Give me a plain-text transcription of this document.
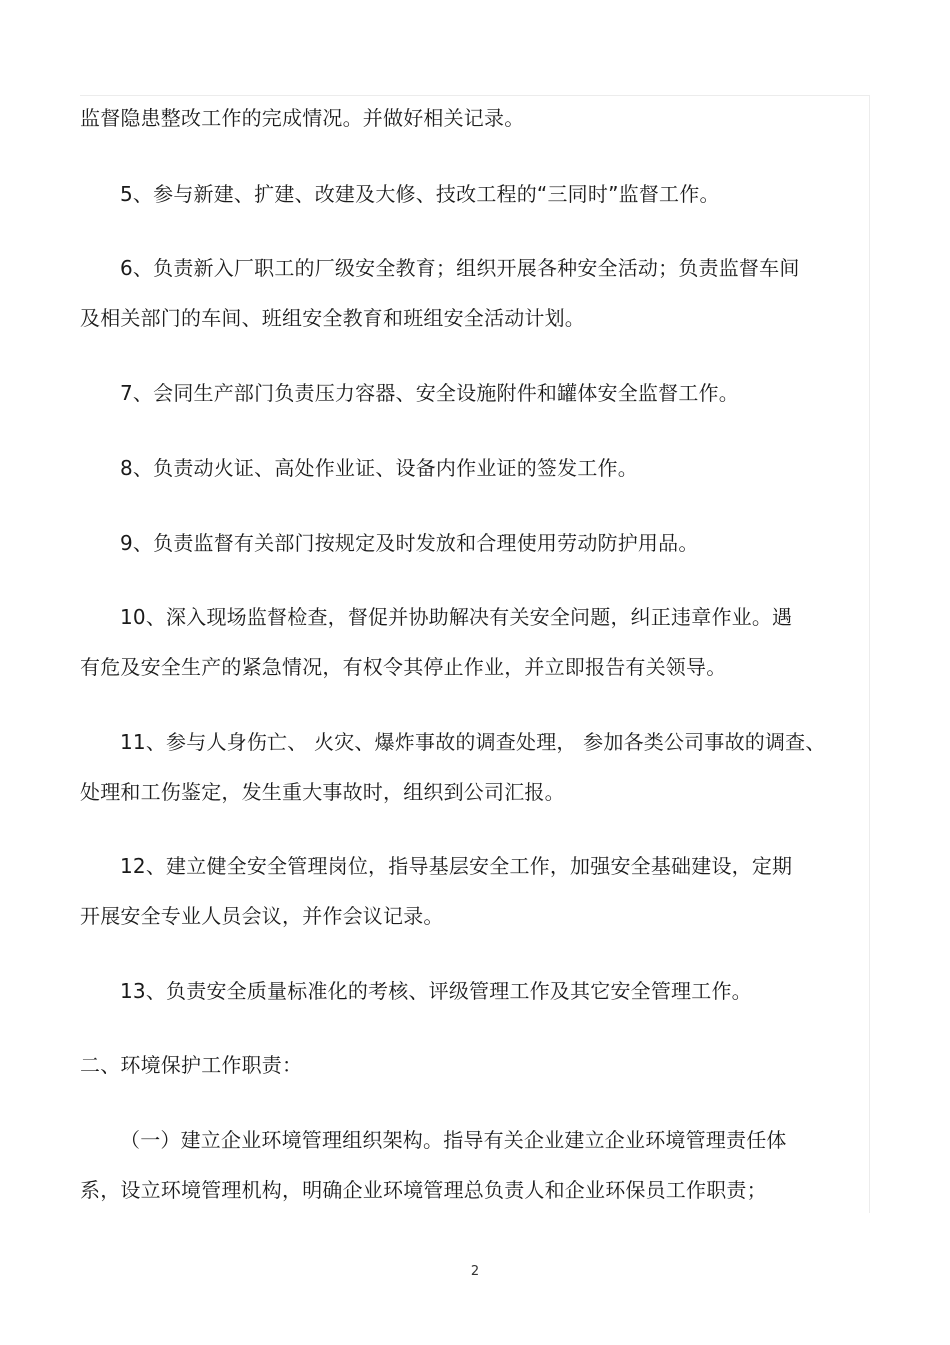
监督隐患整改工作的完成情况。并做好相关记录。
5、参与新建、扩建、改建及大修、技改工程的“三同时”监督工作。
6、负责新入厂职工的厂级安全教育；组织开展各种安全活动；负责监督车间
及相关部门的车间、班组安全教育和班组安全活动计划。
7、会同生产部门负责压力容器、安全设施附件和罐体安全监督工作。
8、负责动火证、高处作业证、设备内作业证的签发工作。
9、负责监督有关部门按规定及时发放和合理使用劳动防护用品。
10、深入现场监督检查，督促并协助解决有关安全问题，纠正违章作业。遇
有危及安全生产的紧急情况，有权令其停止作业，并立即报告有关领导。
11、参与人身伤亡、 火灾、爆炸事故的调查处理， 参加各类公司事故的调查、
处理和工伤鉴定，发生重大事故时，组织到公司汇报。
12、建立健全安全管理岗位，指导基层安全工作，加强安全基础建设，定期
开展安全专业人员会议，并作会议记录。
13、负责安全质量标准化的考核、评级管理工作及其它安全管理工作。
二、环境保护工作职责：
（一）建立企业环境管理组织架构。指导有关企业建立企业环境管理责任体
系，设立环境管理机构，明确企业环境管理总负责人和企业环保员工作职责；
2
